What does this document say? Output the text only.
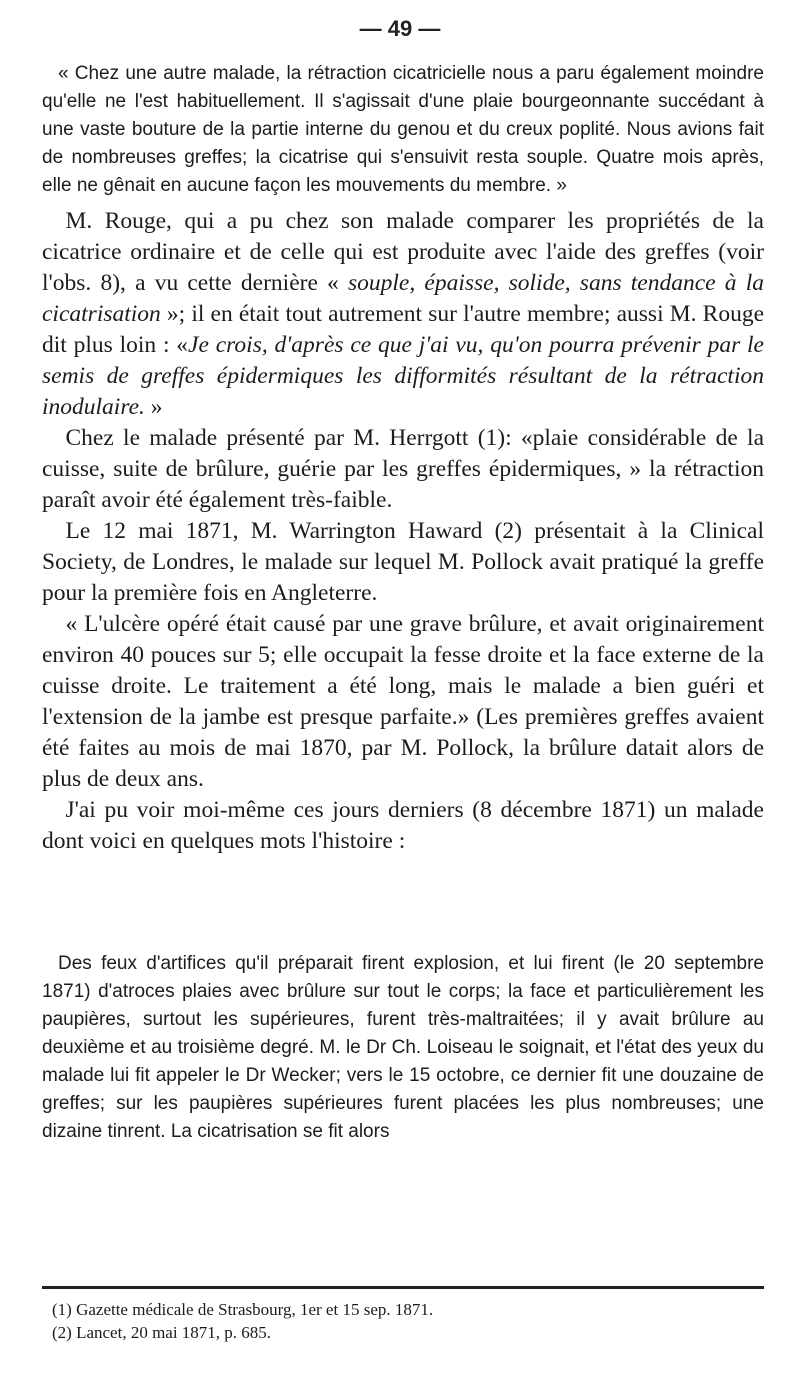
— 49 —

« Chez une autre malade, la rétraction cicatricielle nous a paru également moindre qu'elle ne l'est habituellement. Il s'agissait d'une plaie bourgeonnante succédant à une vaste bouture de la partie interne du genou et du creux poplité. Nous avions fait de nombreuses greffes; la cicatrise qui s'ensuivit resta souple. Quatre mois après, elle ne gênait en aucune façon les mouvements du membre. »

M. Rouge, qui a pu chez son malade comparer les propriétés de la cicatrice ordinaire et de celle qui est produite avec l'aide des greffes (voir l'obs. 8), a vu cette dernière « souple, épaisse, solide, sans tendance à la cicatrisation »; il en était tout autrement sur l'autre membre; aussi M. Rouge dit plus loin : «Je crois, d'après ce que j'ai vu, qu'on pourra prévenir par le semis de greffes épidermiques les difformités résultant de la rétraction inodulaire. »

Chez le malade présenté par M. Herrgott (1): «plaie considérable de la cuisse, suite de brûlure, guérie par les greffes épidermiques, » la rétraction paraît avoir été également très-faible.

Le 12 mai 1871, M. Warrington Haward (2) présentait à la Clinical Society, de Londres, le malade sur lequel M. Pollock avait pratiqué la greffe pour la première fois en Angleterre.

« L'ulcère opéré était causé par une grave brûlure, et avait originairement environ 40 pouces sur 5; elle occupait la fesse droite et la face externe de la cuisse droite. Le traitement a été long, mais le malade a bien guéri et l'extension de la jambe est presque parfaite.» (Les premières greffes avaient été faites au mois de mai 1870, par M. Pollock, la brûlure datait alors de plus de deux ans.

J'ai pu voir moi-même ces jours derniers (8 décembre 1871) un malade dont voici en quelques mots l'histoire :

Des feux d'artifices qu'il préparait firent explosion, et lui firent (le 20 septembre 1871) d'atroces plaies avec brûlure sur tout le corps; la face et particulièrement les paupières, surtout les supérieures, furent très-maltraitées; il y avait brûlure au deuxième et au troisième degré. M. le Dr Ch. Loiseau le soignait, et l'état des yeux du malade lui fit appeler le Dr Wecker; vers le 15 octobre, ce dernier fit une douzaine de greffes; sur les paupières supérieures furent placées les plus nombreuses; une dizaine tinrent. La cicatrisation se fit alors

(1) Gazette médicale de Strasbourg, 1er et 15 sep. 1871.
(2) Lancet, 20 mai 1871, p. 685.
